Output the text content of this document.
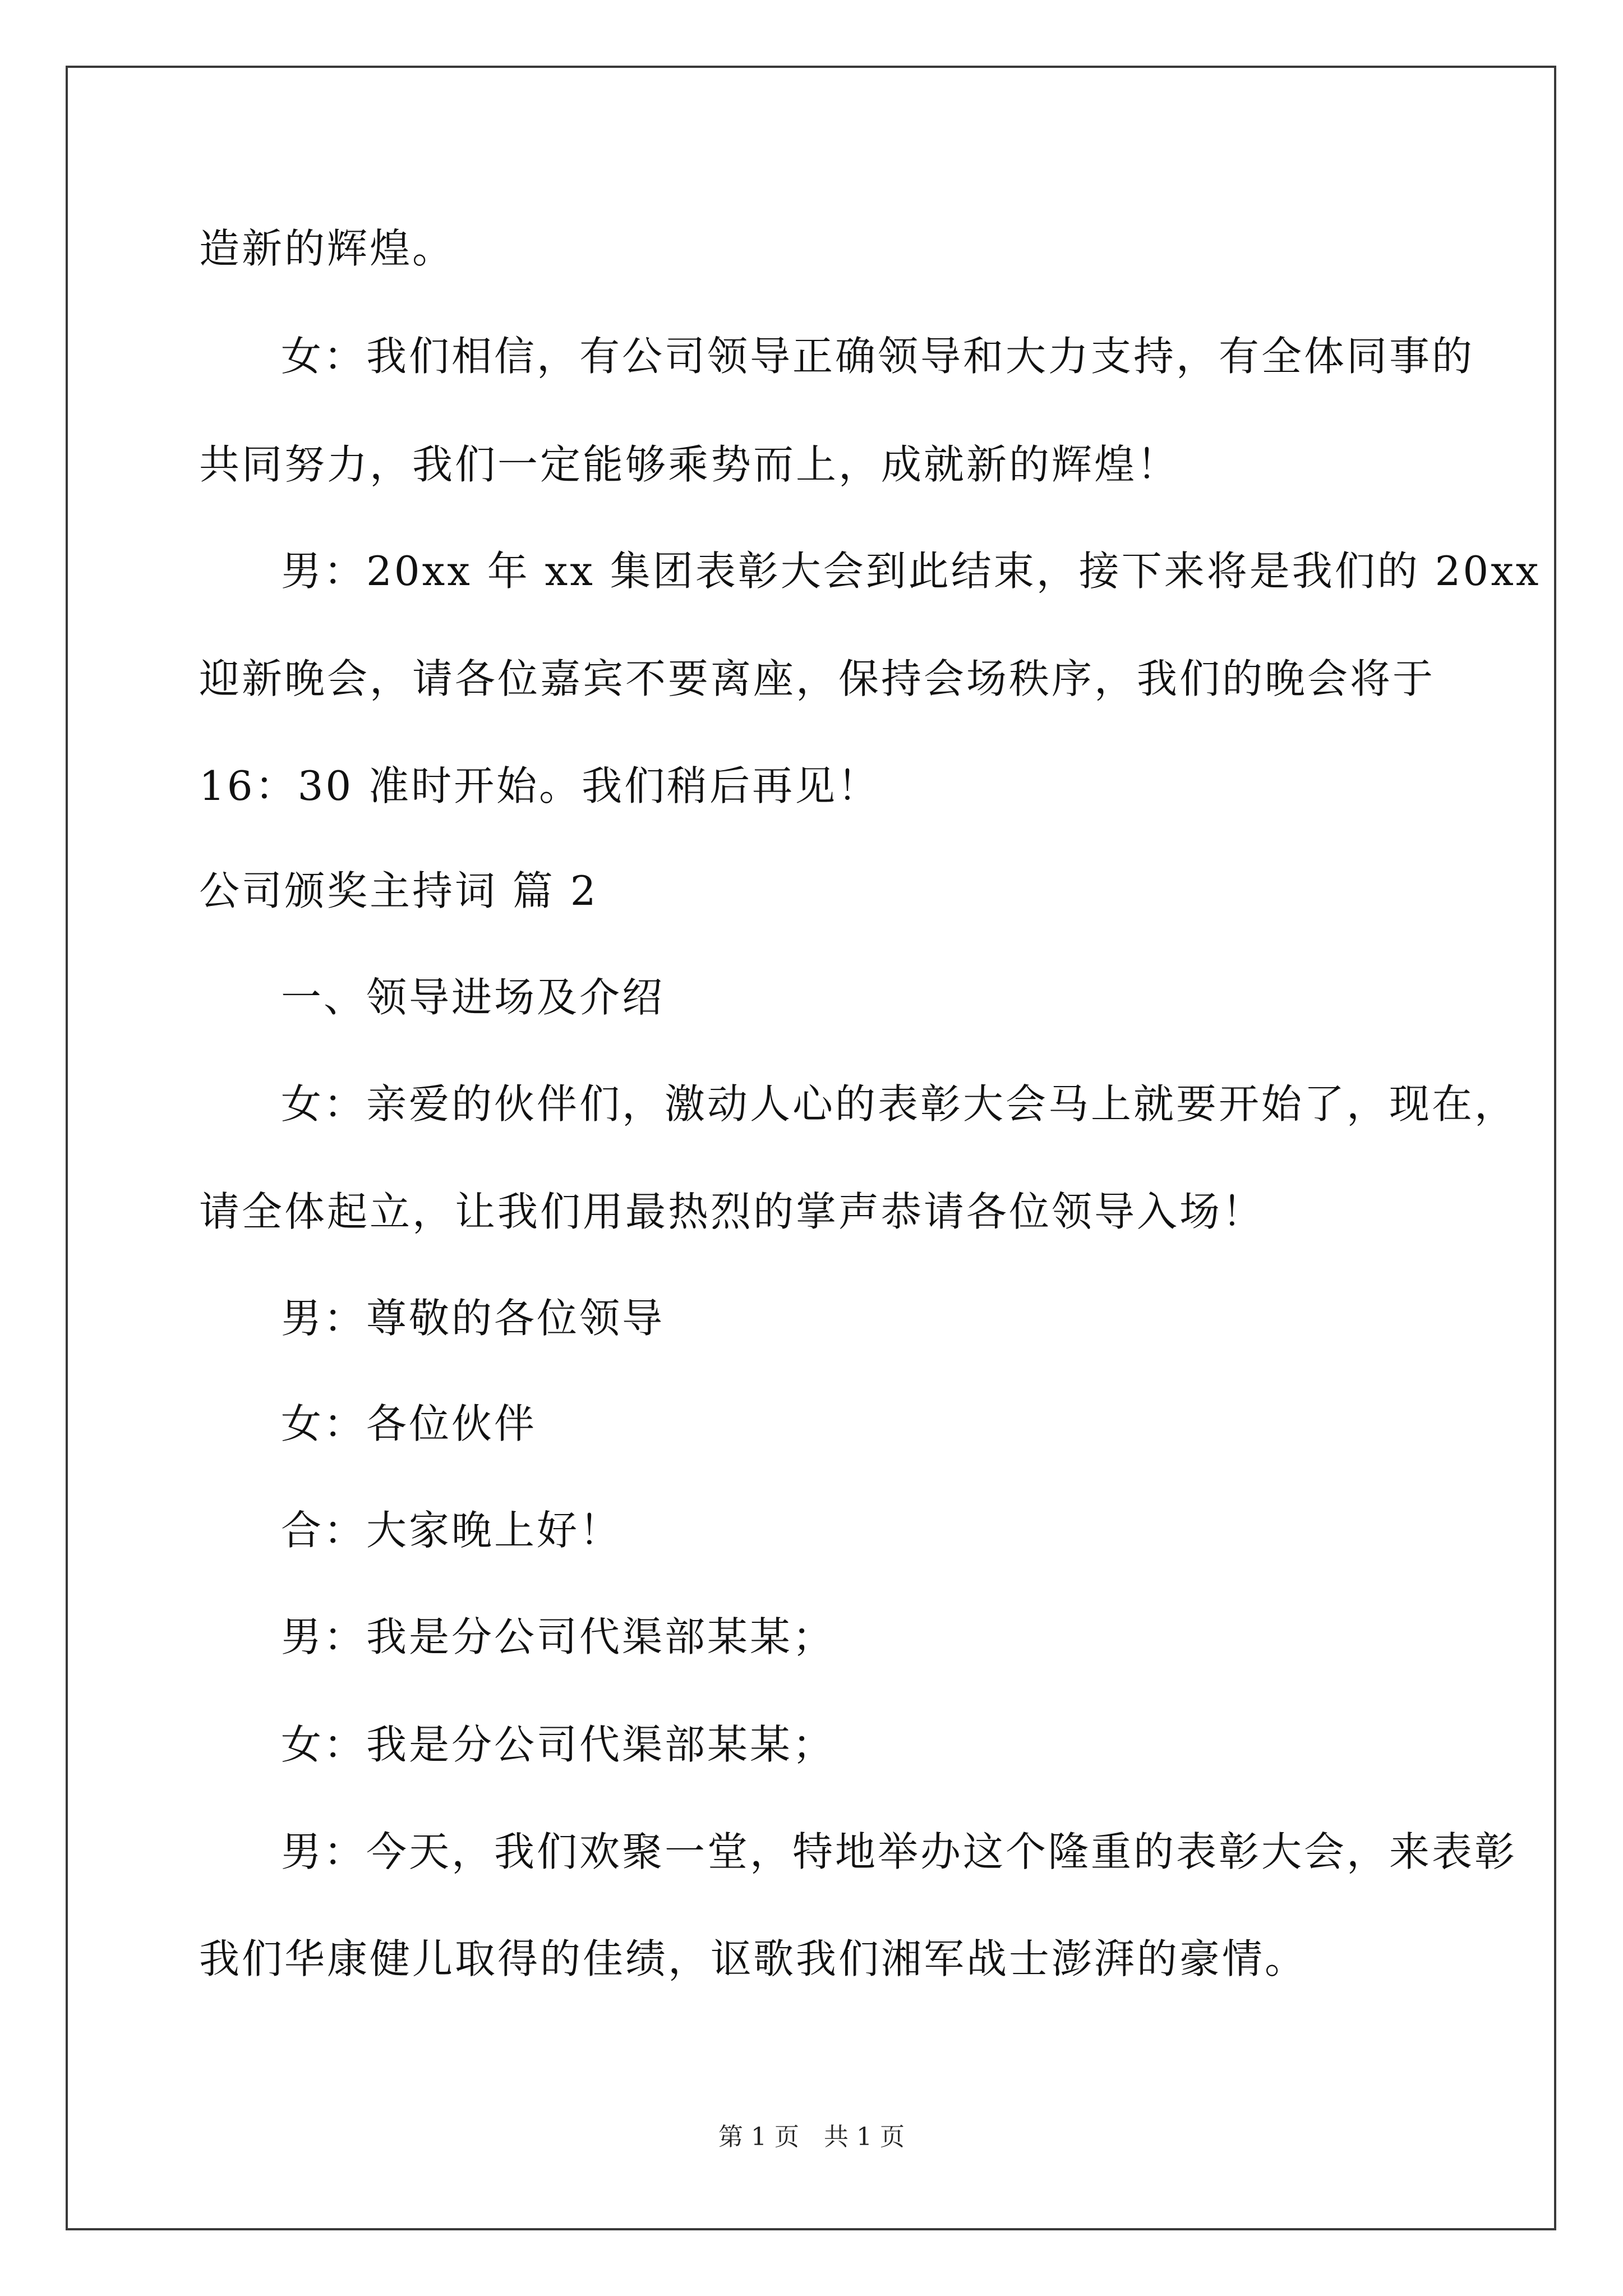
造新的辉煌。
女：我们相信，有公司领导正确领导和大力支持，有全体同事的
共同努力，我们一定能够乘势而上，成就新的辉煌！
男：20xx 年 xx 集团表彰大会到此结束，接下来将是我们的 20xx
迎新晚会，请各位嘉宾不要离座，保持会场秩序，我们的晚会将于
16：30 准时开始。我们稍后再见！
公司颁奖主持词 篇 2
一、领导进场及介绍
女：亲爱的伙伴们，激动人心的表彰大会马上就要开始了，现在，
请全体起立，让我们用最热烈的掌声恭请各位领导入场！
男：尊敬的各位领导
女：各位伙伴
合：大家晚上好！
男：我是分公司代渠部某某；
女：我是分公司代渠部某某；
男：今天，我们欢聚一堂，特地举办这个隆重的表彰大会，来表彰
我们华康健儿取得的佳绩，讴歌我们湘军战士澎湃的豪情。
第 1 页　共 1 页
